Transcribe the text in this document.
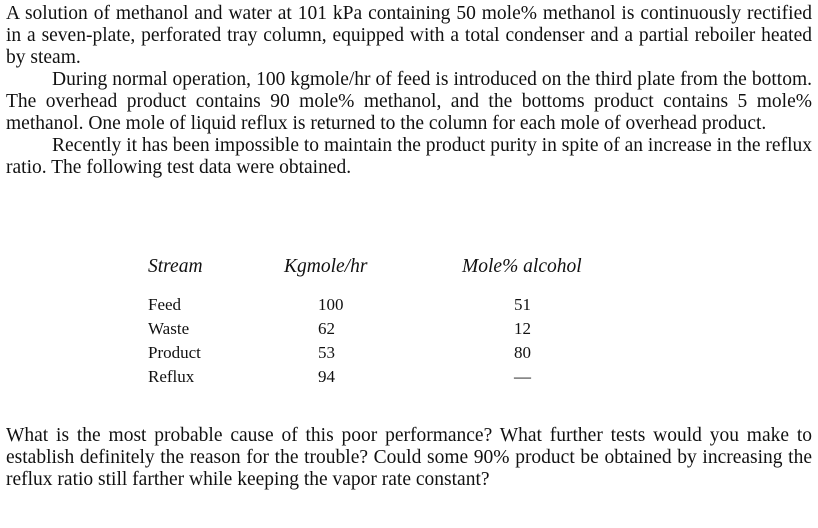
A solution of methanol and water at 101 kPa containing 50 mole% methanol is continuously rectified in a seven-plate, perforated tray column, equipped with a total condenser and a partial reboiler heated by steam.

During normal operation, 100 kgmole/hr of feed is introduced on the third plate from the bottom. The overhead product contains 90 mole% methanol, and the bottoms product contains 5 mole% methanol. One mole of liquid reflux is returned to the column for each mole of overhead product.

Recently it has been impossible to maintain the product purity in spite of an increase in the reflux ratio. The following test data were obtained.

Stream	Kgmole/hr	Mole% alcohol
Feed	100	51
Waste	62	12
Product	53	80
Reflux	94	—

What is the most probable cause of this poor performance? What further tests would you make to establish definitely the reason for the trouble? Could some 90% product be obtained by increasing the reflux ratio still farther while keeping the vapor rate constant?
